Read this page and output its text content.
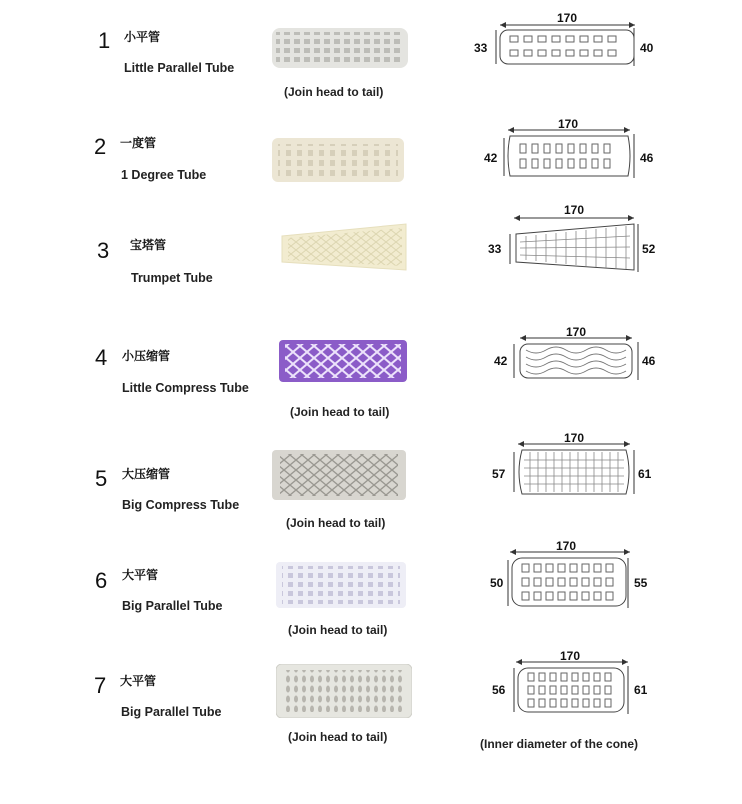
1 小平管
Little Parallel Tube
(Join head to tail)
170
33	40
2 一度管
1 Degree Tube
170
42	46
3 宝塔管
Trumpet Tube
170
33	52
4 小压缩管
Little Compress Tube
(Join head to tail)
170
42	46
5 大压缩管
Big Compress Tube
(Join head to tail)
170
57	61
6 大平管
Big Parallel Tube
(Join head to tail)
170
50	55
7 大平管
Big Parallel Tube
(Join head to tail)
170
56	61
(Inner diameter of the cone)
